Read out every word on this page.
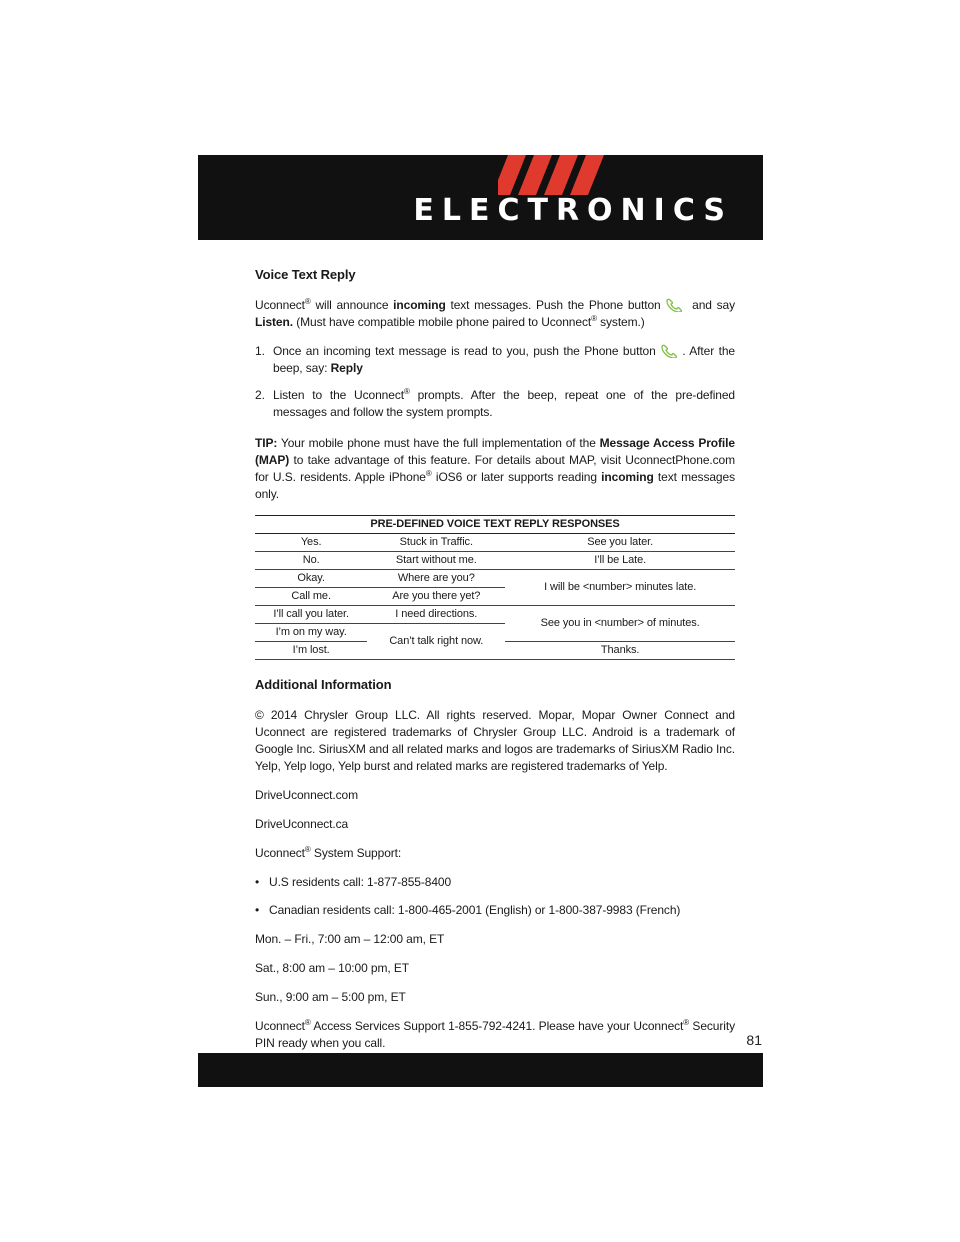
ELECTRONICS
Voice Text Reply

Uconnect® will announce incoming text messages. Push the Phone button  and say Listen. (Must have compatible mobile phone paired to Uconnect® system.)

1. Once an incoming text message is read to you, push the Phone button . After the beep, say: Reply
2. Listen to the Uconnect® prompts. After the beep, repeat one of the pre-defined messages and follow the system prompts.

TIP: Your mobile phone must have the full implementation of the Message Access Profile (MAP) to take advantage of this feature. For details about MAP, visit UconnectPhone.com for U.S. residents. Apple iPhone® iOS6 or later supports reading incoming text messages only.

PRE-DEFINED VOICE TEXT REPLY RESPONSES		
Yes.	Stuck in Traffic.	See you later.
No.	Start without me.	I’ll be Late.
Okay.	Where are you?	I will be <number> minutes late.
Call me.	Are you there yet?	
I’ll call you later.	I need directions.	See you in <number> of minutes.
I’m on my way.	Can’t talk right now.	
I’m lost.		Thanks.
Additional Information

© 2014 Chrysler Group LLC. All rights reserved. Mopar, Mopar Owner Connect and Uconnect are registered trademarks of Chrysler Group LLC. Android is a trademark of Google Inc. SiriusXM and all related marks and logos are trademarks of SiriusXM Radio Inc. Yelp, Yelp logo, Yelp burst and related marks are registered trademarks of Yelp.

DriveUconnect.com

DriveUconnect.ca

Uconnect® System Support:

• U.S residents call: 1-877-855-8400
• Canadian residents call: 1-800-465-2001 (English) or 1-800-387-9983 (French)

Mon. – Fri., 7:00 am – 12:00 am, ET

Sat., 8:00 am – 10:00 pm, ET

Sun., 9:00 am – 5:00 pm, ET

Uconnect® Access Services Support 1-855-792-4241. Please have your Uconnect® Security PIN ready when you call.	81
